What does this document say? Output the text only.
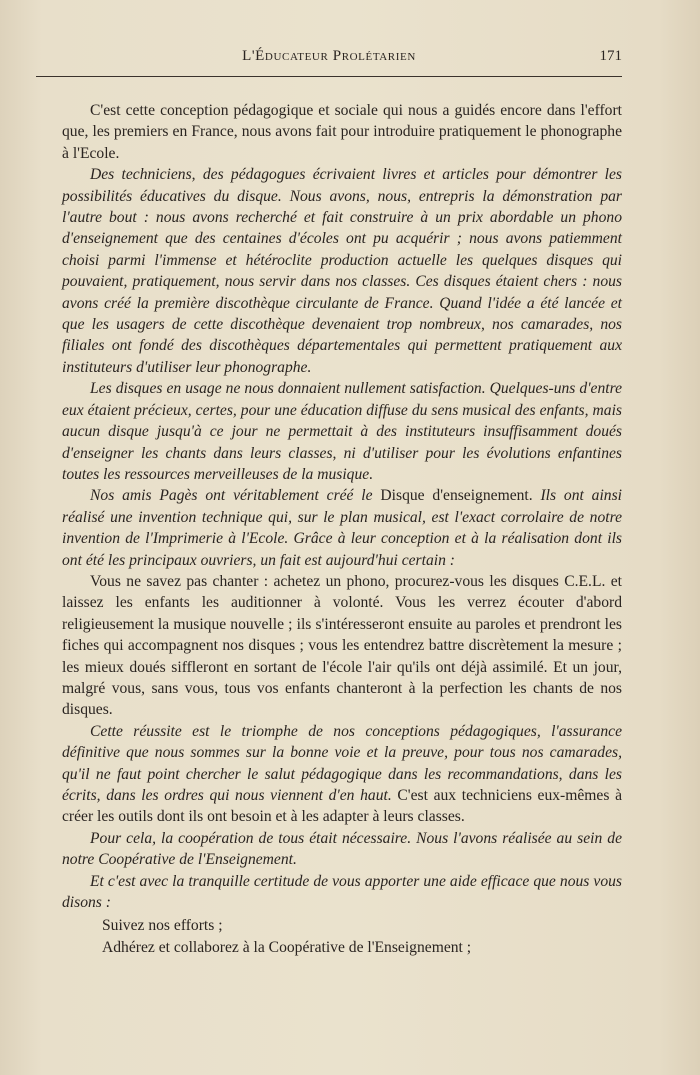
L'Éducateur Prolétarien	171

C'est cette conception pédagogique et sociale qui nous a guidés encore dans l'effort que, les premiers en France, nous avons fait pour introduire pratiquement le phonographe à l'Ecole.

Des techniciens, des pédagogues écrivaient livres et articles pour démontrer les possibilités éducatives du disque. Nous avons, nous, entrepris la démonstration par l'autre bout : nous avons recherché et fait construire à un prix abordable un phono d'enseignement que des centaines d'écoles ont pu acquérir ; nous avons patiemment choisi parmi l'immense et hétéroclite production actuelle les quelques disques qui pouvaient, pratiquement, nous servir dans nos classes. Ces disques étaient chers : nous avons créé la première discothèque circulante de France. Quand l'idée a été lancée et que les usagers de cette discothèque devenaient trop nombreux, nos camarades, nos filiales ont fondé des discothèques départementales qui permettent pratiquement aux instituteurs d'utiliser leur phonographe.

Les disques en usage ne nous donnaient nullement satisfaction. Quelques-uns d'entre eux étaient précieux, certes, pour une éducation diffuse du sens musical des enfants, mais aucun disque jusqu'à ce jour ne permettait à des instituteurs insuffisamment doués d'enseigner les chants dans leurs classes, ni d'utiliser pour les évolutions enfantines toutes les ressources merveilleuses de la musique.

Nos amis Pagès ont véritablement créé le Disque d'enseignement. Ils ont ainsi réalisé une invention technique qui, sur le plan musical, est l'exact corrolaire de notre invention de l'Imprimerie à l'Ecole. Grâce à leur conception et à la réalisation dont ils ont été les principaux ouvriers, un fait est aujourd'hui certain :

Vous ne savez pas chanter : achetez un phono, procurez-vous les disques C.E.L. et laissez les enfants les auditionner à volonté. Vous les verrez écouter d'abord religieusement la musique nouvelle ; ils s'intéresseront ensuite au paroles et prendront les fiches qui accompagnent nos disques ; vous les entendrez battre discrètement la mesure ; les mieux doués siffleront en sortant de l'école l'air qu'ils ont déjà assimilé. Et un jour, malgré vous, sans vous, tous vos enfants chanteront à la perfection les chants de nos disques.

Cette réussite est le triomphe de nos conceptions pédagogiques, l'assurance définitive que nous sommes sur la bonne voie et la preuve, pour tous nos camarades, qu'il ne faut point chercher le salut pédagogique dans les recommandations, dans les écrits, dans les ordres qui nous viennent d'en haut. C'est aux techniciens eux-mêmes à créer les outils dont ils ont besoin et à les adapter à leurs classes.

Pour cela, la coopération de tous était nécessaire. Nous l'avons réalisée au sein de notre Coopérative de l'Enseignement.

Et c'est avec la tranquille certitude de vous apporter une aide efficace que nous vous disons :

Suivez nos efforts ;

Adhérez et collaborez à la Coopérative de l'Enseignement ;
